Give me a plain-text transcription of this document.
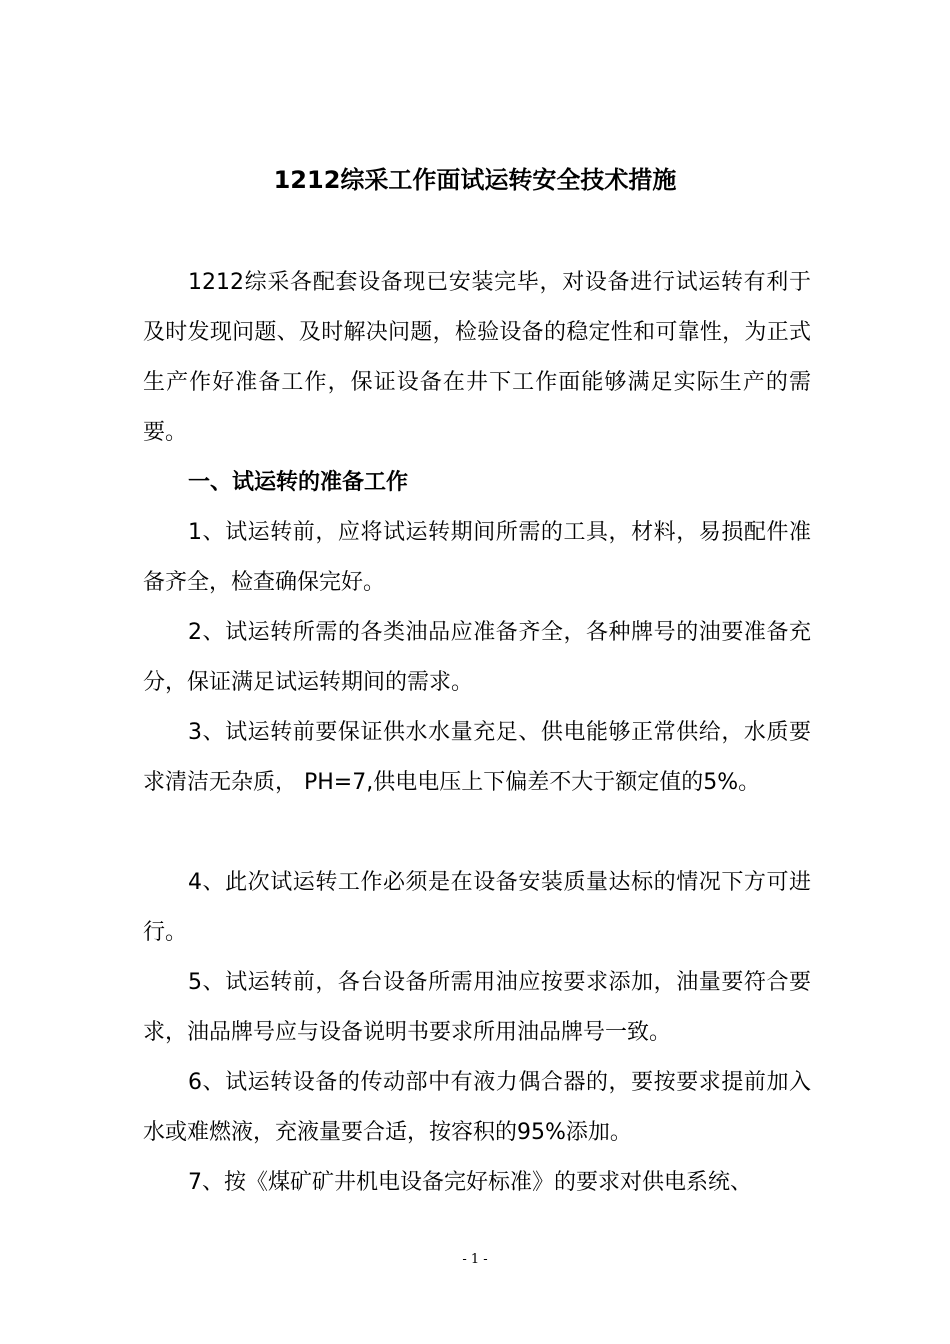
1212综采工作面试运转安全技术措施

1212综采各配套设备现已安装完毕，对设备进行试运转有利于及时发现问题、及时解决问题，检验设备的稳定性和可靠性，为正式生产作好准备工作，保证设备在井下工作面能够满足实际生产的需要。

一、试运转的准备工作

1、试运转前，应将试运转期间所需的工具，材料，易损配件准备齐全，检查确保完好。

2、试运转所需的各类油品应准备齐全，各种牌号的油要准备充分，保证满足试运转期间的需求。

3、试运转前要保证供水水量充足、供电能够正常供给，水质要求清洁无杂质， PH=7,供电电压上下偏差不大于额定值的5%。

4、此次试运转工作必须是在设备安装质量达标的情况下方可进行。

5、试运转前，各台设备所需用油应按要求添加，油量要符合要求，油品牌号应与设备说明书要求所用油品牌号一致。

6、试运转设备的传动部中有液力偶合器的，要按要求提前加入水或难燃液，充液量要合适，按容积的95%添加。

7、按《煤矿矿井机电设备完好标准》的要求对供电系统、

- 1 -
